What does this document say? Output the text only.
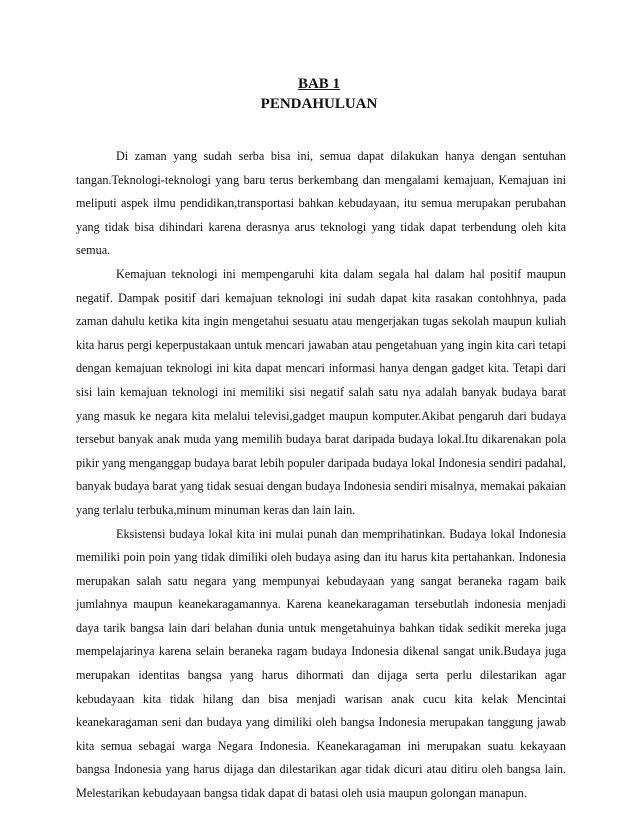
BAB 1
PENDAHULUAN

Di zaman yang sudah serba bisa ini, semua dapat dilakukan hanya dengan sentuhan tangan.Teknologi-teknologi yang baru terus berkembang dan mengalami kemajuan, Kemajuan ini meliputi aspek ilmu pendidikan,transportasi bahkan kebudayaan, itu semua merupakan perubahan yang tidak bisa dihindari karena derasnya arus teknologi yang tidak dapat terbendung oleh kita semua.

Kemajuan teknologi ini mempengaruhi kita dalam segala hal dalam hal positif maupun negatif. Dampak positif dari kemajuan teknologi ini sudah dapat kita rasakan contohhnya, pada zaman dahulu ketika kita ingin mengetahui sesuatu atau mengerjakan tugas sekolah maupun kuliah kita harus pergi keperpustakaan untuk mencari jawaban atau pengetahuan yang ingin kita cari tetapi dengan kemajuan teknologi ini kita dapat mencari informasi hanya dengan gadget kita. Tetapi dari sisi lain kemajuan teknologi ini memiliki sisi negatif salah satu nya adalah banyak budaya barat yang masuk ke negara kita melalui televisi,gadget maupun komputer.Akibat pengaruh dari budaya tersebut banyak anak muda yang memilih budaya barat daripada budaya lokal.Itu dikarenakan pola pikir yang menganggap budaya barat lebih populer daripada budaya lokal Indonesia sendiri padahal, banyak budaya barat yang tidak sesuai dengan budaya Indonesia sendiri misalnya, memakai pakaian yang terlalu terbuka,minum minuman keras dan lain lain.

Eksistensi budaya lokal kita ini mulai punah dan memprihatinkan. Budaya lokal Indonesia memiliki poin poin yang tidak dimiliki oleh budaya asing dan itu harus kita pertahankan. Indonesia merupakan salah satu negara yang mempunyai kebudayaan yang sangat beraneka ragam baik jumlahnya maupun keanekaragamannya. Karena keanekaragaman tersebutlah indonesia menjadi daya tarik bangsa lain dari belahan dunia untuk mengetahuinya bahkan tidak sedikit mereka juga mempelajarinya karena selain beraneka ragam budaya Indonesia dikenal sangat unik.Budaya juga merupakan identitas bangsa yang harus dihormati dan dijaga serta perlu dilestarikan agar kebudayaan kita tidak hilang dan bisa menjadi warisan anak cucu kita kelak Mencintai keanekaragaman seni dan budaya yang dimiliki oleh bangsa Indonesia merupakan tanggung jawab kita semua sebagai warga Negara Indonesia. Keanekaragaman ini merupakan suatu kekayaan bangsa Indonesia yang harus dijaga dan dilestarikan agar tidak dicuri atau ditiru oleh bangsa lain. Melestarikan kebudayaan bangsa tidak dapat di batasi oleh usia maupun golongan manapun.
